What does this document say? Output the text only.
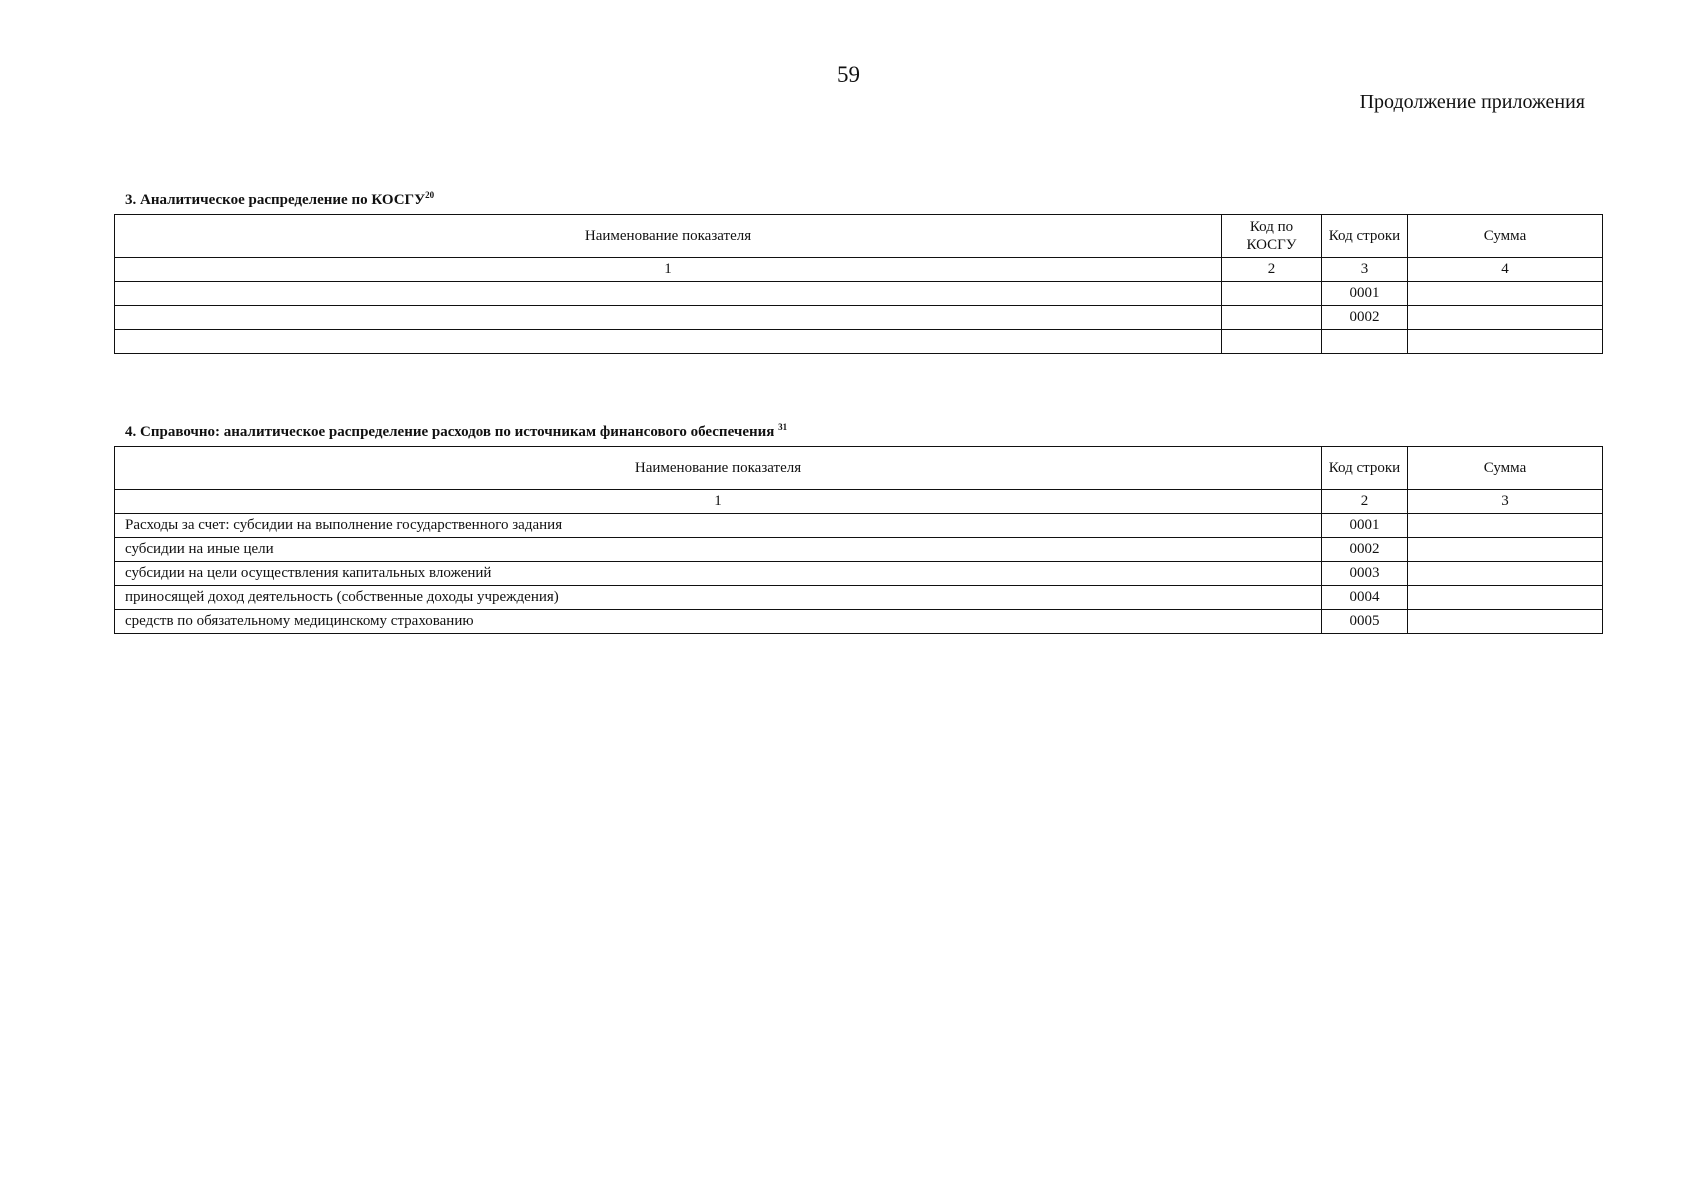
59
Продолжение приложения
3. Аналитическое распределение по КОСГУ$^{20}$
Наименование показателя	Код по КОСГУ	Код строки	Сумма
1	2	3	4
		0001	
		0002	

4. Справочно: аналитическое распределение расходов по источникам финансового обеспечения $^{31}$
Наименование показателя	Код строки	Сумма
1	2	3
Расходы за счет: субсидии на выполнение государственного задания	0001	
субсидии на иные цели	0002	
субсидии на цели осуществления капитальных вложений	0003	
приносящей доход деятельность (собственные доходы учреждения)	0004	
средств по обязательному медицинскому страхованию	0005	
